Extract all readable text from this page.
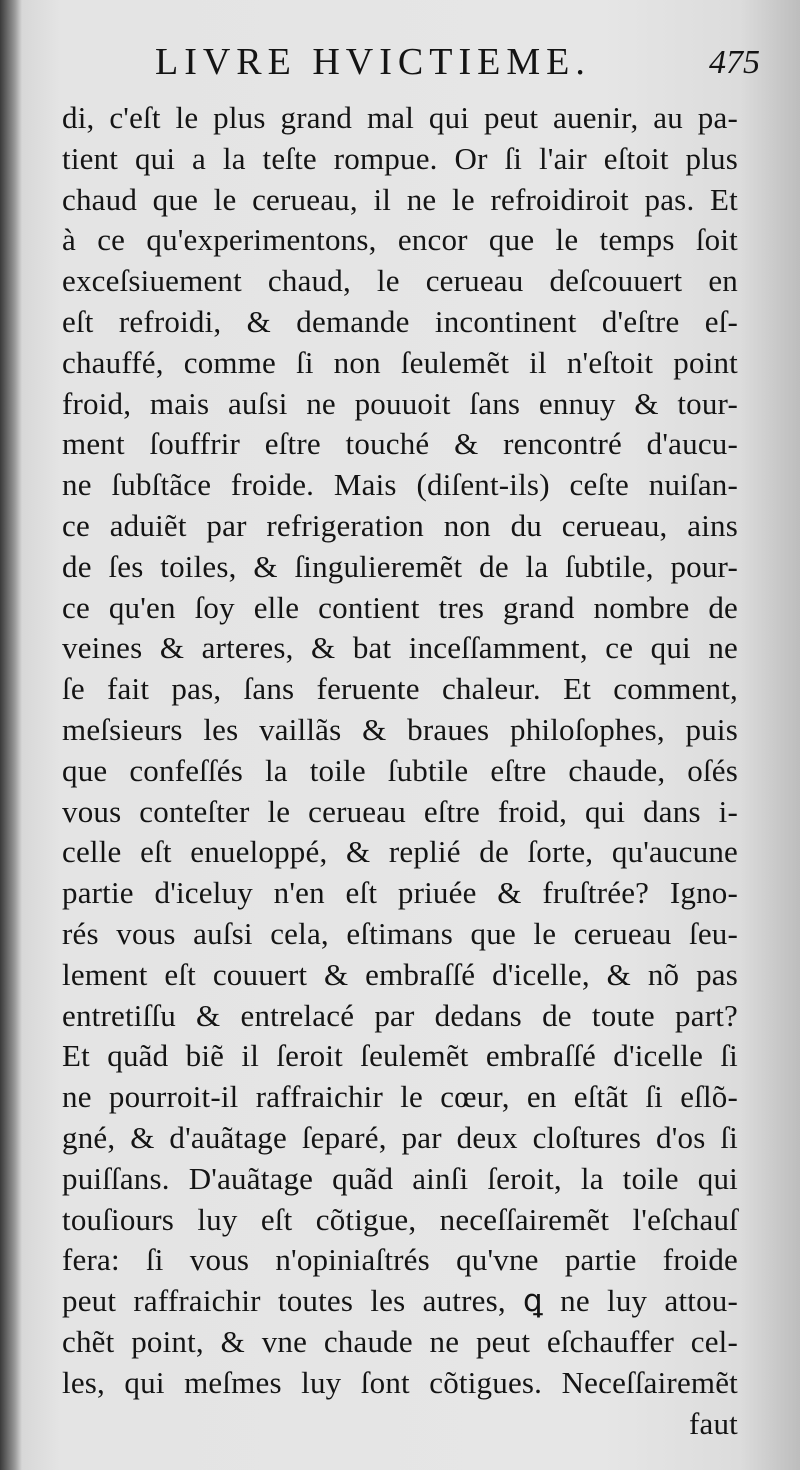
LIVRE HVICTIEME.	475
di, c'eſt le plus grand mal qui peut auenir, au pa-
tient qui a la teſte rompue. Or ſi l'air eſtoit plus
chaud que le cerueau, il ne le refroidiroit pas. Et
à ce qu'experimentons, encor que le temps ſoit
exceſsiuement chaud, le cerueau deſcouuert en
eſt refroidi, & demande incontinent d'eſtre eſ-
chauffé, comme ſi non ſeulemẽt il n'eſtoit point
froid, mais auſsi ne pouuoit ſans ennuy & tour-
ment ſouffrir eſtre touché & rencontré d'aucu-
ne ſubſtãce froide. Mais (diſent-ils) ceſte nuiſan-
ce aduiẽt par refrigeration non du cerueau, ains
de ſes toiles, & ſingulieremẽt de la ſubtile, pour-
ce qu'en ſoy elle contient tres grand nombre de
veines & arteres, & bat inceſſamment, ce qui ne
ſe fait pas, ſans feruente chaleur. Et comment,
meſsieurs les vaillãs & braues philoſophes, puis
que confeſſés la toile ſubtile eſtre chaude, oſés
vous conteſter le cerueau eſtre froid, qui dans i-
celle eſt enueloppé, & replié de ſorte, qu'aucune
partie d'iceluy n'en eſt priuée & fruſtrée? Igno-
rés vous auſsi cela, eſtimans que le cerueau ſeu-
lement eſt couuert & embraſſé d'icelle, & nõ pas
entretiſſu & entrelacé par dedans de toute part?
Et quãd biẽ il ſeroit ſeulemẽt embraſſé d'icelle ſi
ne pourroit-il raffraichir le cœur, en eſtãt ſi eſlõ-
gné, & d'auãtage ſeparé, par deux cloſtures d'os ſi
puiſſans. D'auãtage quãd ainſi ſeroit, la toile qui
touſiours luy eſt cõtigue, neceſſairemẽt l'eſchauſ
fera: ſi vous n'opiniaſtrés qu'vne partie froide
peut raffraichir toutes les autres, ꝗ ne luy attou-
chẽt point, & vne chaude ne peut eſchauffer cel-
les, qui meſmes luy ſont cõtigues. Neceſſairemẽt
faut
